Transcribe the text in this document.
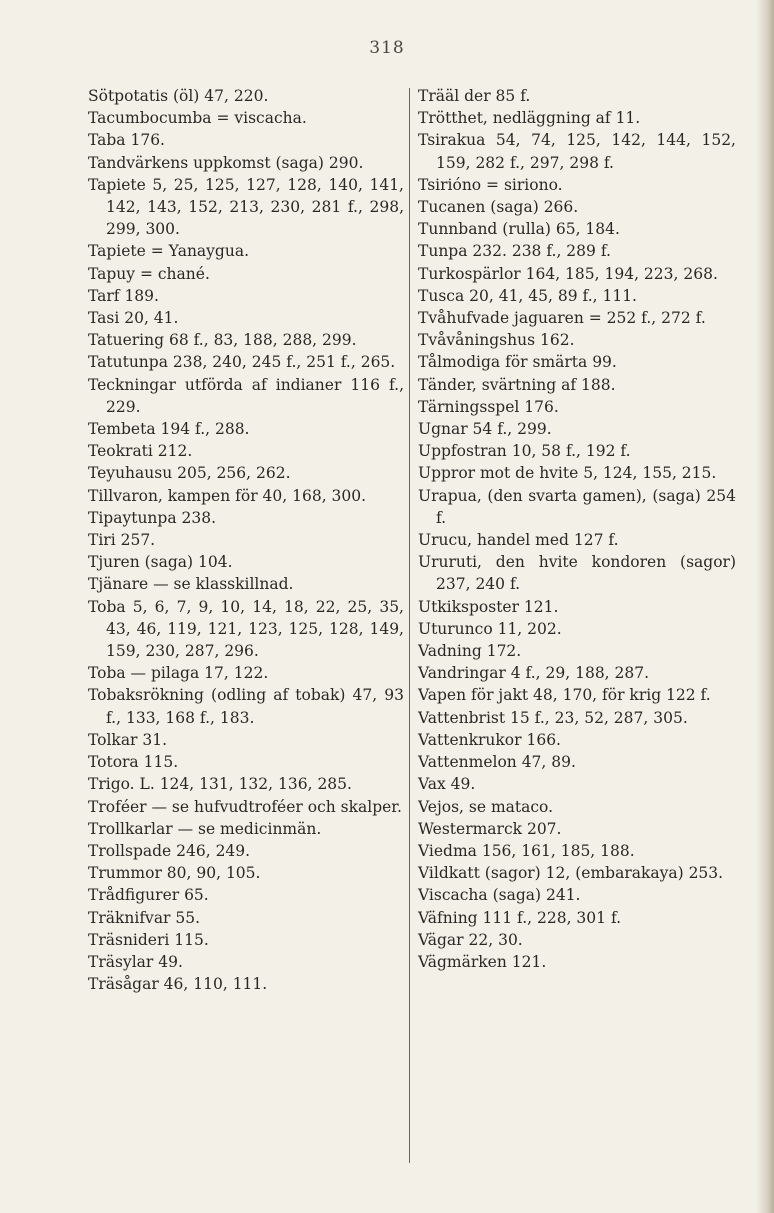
318
Sötpotatis (öl) 47, 220.
Tacumbocumba = viscacha.
Taba 176.
Tandvärkens uppkomst (saga) 290.
Tapiete 5, 25, 125, 127, 128, 140, 141, 142, 143, 152, 213, 230, 281 f., 298, 299, 300.
Tapiete = Yanaygua.
Tapuy = chané.
Tarf 189.
Tasi 20, 41.
Tatuering 68 f., 83, 188, 288, 299.
Tatutunpa 238, 240, 245 f., 251 f., 265.
Teckningar utförda af indianer 116 f., 229.
Tembeta 194 f., 288.
Teokrati 212.
Teyuhausu 205, 256, 262.
Tillvaron, kampen för 40, 168, 300.
Tipaytunpa 238.
Tiri 257.
Tjuren (saga) 104.
Tjänare — se klasskillnad.
Toba 5, 6, 7, 9, 10, 14, 18, 22, 25, 35, 43, 46, 119, 121, 123, 125, 128, 149, 159, 230, 287, 296.
Toba — pilaga 17, 122.
Tobaksrökning (odling af tobak) 47, 93 f., 133, 168 f., 183.
Tolkar 31.
Totora 115.
Trigo. L. 124, 131, 132, 136, 285.
Troféer — se hufvudtroféer och skalper.
Trollkarlar — se medicinmän.
Trollspade 246, 249.
Trummor 80, 90, 105.
Trådfigurer 65.
Träknifvar 55.
Träsnideri 115.
Träsylar 49.
Träsågar 46, 110, 111.
Trääl der 85 f.
Trötthet, nedläggning af 11.
Tsirakua 54, 74, 125, 142, 144, 152, 159, 282 f., 297, 298 f.
Tsirióno = siriono.
Tucanen (saga) 266.
Tunnband (rulla) 65, 184.
Tunpa 232. 238 f., 289 f.
Turkospärlor 164, 185, 194, 223, 268.
Tusca 20, 41, 45, 89 f., 111.
Tvåhufvade jaguaren = 252 f., 272 f.
Tvåvåningshus 162.
Tålmodiga för smärta 99.
Tänder, svärtning af 188.
Tärningsspel 176.
Ugnar 54 f., 299.
Uppfostran 10, 58 f., 192 f.
Uppror mot de hvite 5, 124, 155, 215.
Urapua, (den svarta gamen), (saga) 254 f.
Urucu, handel med 127 f.
Ururuti, den hvite kondoren (sagor) 237, 240 f.
Utkiksposter 121.
Uturunco 11, 202.
Vadning 172.
Vandringar 4 f., 29, 188, 287.
Vapen för jakt 48, 170, för krig 122 f.
Vattenbrist 15 f., 23, 52, 287, 305.
Vattenkrukor 166.
Vattenmelon 47, 89.
Vax 49.
Vejos, se mataco.
Westermarck 207.
Viedma 156, 161, 185, 188.
Vildkatt (sagor) 12, (embarakaya) 253.
Viscacha (saga) 241.
Väfning 111 f., 228, 301 f.
Vägar 22, 30.
Vägmärken 121.
